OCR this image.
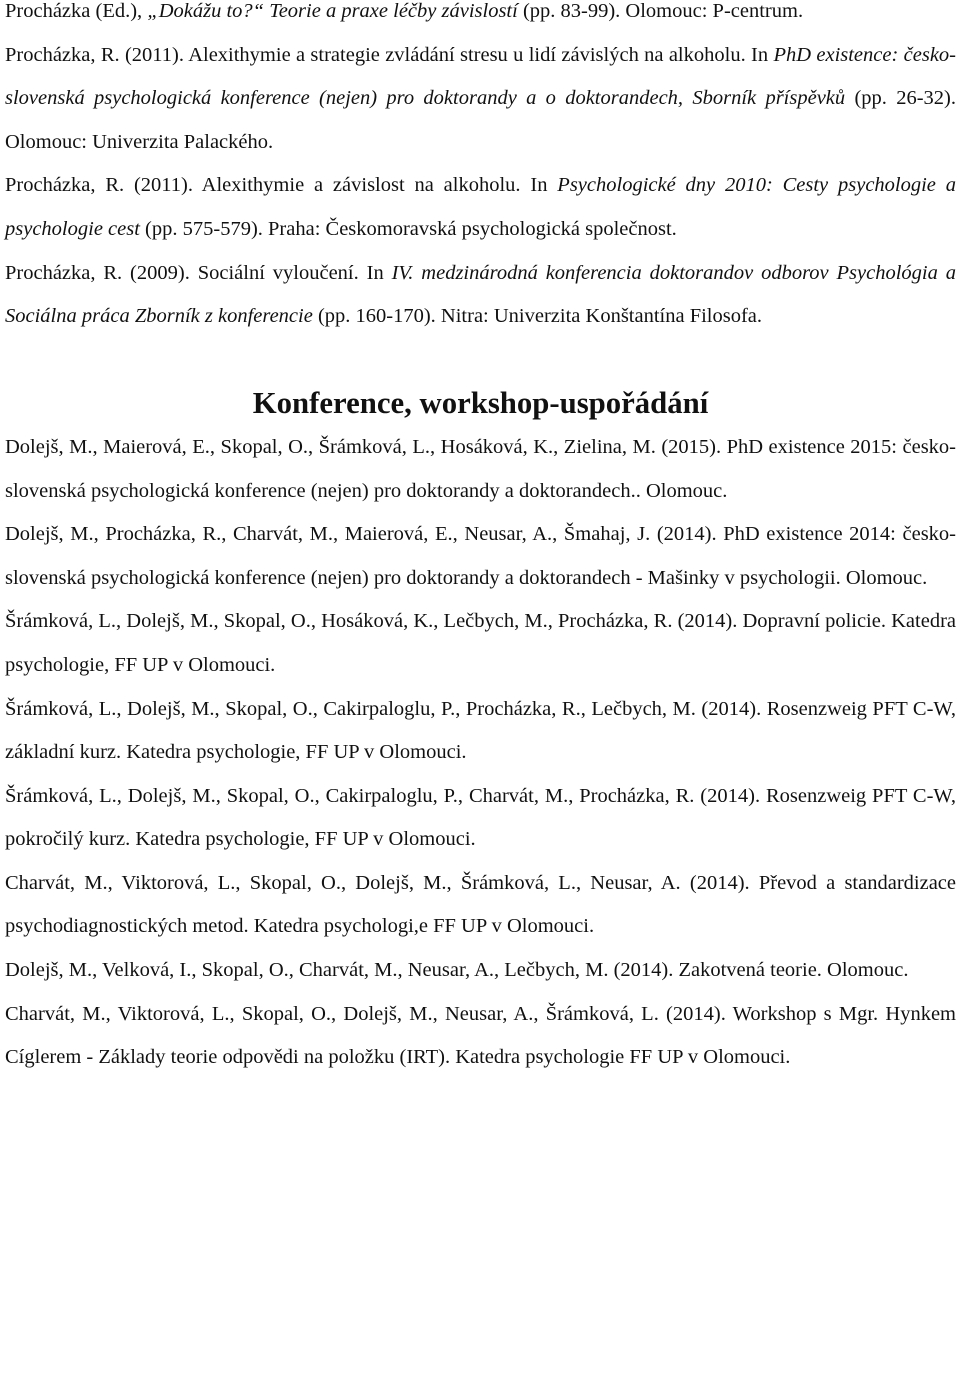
Procházka (Ed.), „Dokážu to?“ Teorie a praxe léčby závislostí (pp. 83-99). Olomouc: P-centrum.

Procházka, R. (2011). Alexithymie a strategie zvládání stresu u lidí závislých na alkoholu. In PhD existence: česko-slovenská psychologická konference (nejen) pro doktorandy a o doktorandech, Sborník příspěvků (pp. 26-32). Olomouc: Univerzita Palackého.

Procházka, R. (2011). Alexithymie a závislost na alkoholu. In Psychologické dny 2010: Cesty psychologie a psychologie cest (pp. 575-579). Praha: Českomoravská psychologická společnost.

Procházka, R. (2009). Sociální vyloučení. In IV. medzinárodná konferencia doktorandov odborov Psychológia a Sociálna práca Zborník z konferencie (pp. 160-170). Nitra: Univerzita Konštantína Filosofa.

Konference, workshop-uspořádání

Dolejš, M., Maierová, E., Skopal, O., Šrámková, L., Hosáková, K., Zielina, M. (2015). PhD existence 2015: česko-slovenská psychologická konference (nejen) pro doktorandy a doktorandech.. Olomouc.

Dolejš, M., Procházka, R., Charvát, M., Maierová, E., Neusar, A., Šmahaj, J. (2014). PhD existence 2014: česko-slovenská psychologická konference (nejen) pro doktorandy a doktorandech - Mašinky v psychologii. Olomouc.

Šrámková, L., Dolejš, M., Skopal, O., Hosáková, K., Lečbych, M., Procházka, R. (2014). Dopravní policie. Katedra psychologie, FF UP v Olomouci.

Šrámková, L., Dolejš, M., Skopal, O., Cakirpaloglu, P., Procházka, R., Lečbych, M. (2014). Rosenzweig PFT C-W, základní kurz. Katedra psychologie, FF UP v Olomouci.

Šrámková, L., Dolejš, M., Skopal, O., Cakirpaloglu, P., Charvát, M., Procházka, R. (2014). Rosenzweig PFT C-W, pokročilý kurz. Katedra psychologie, FF UP v Olomouci.

Charvát, M., Viktorová, L., Skopal, O., Dolejš, M., Šrámková, L., Neusar, A. (2014). Převod a standardizace psychodiagnostických metod. Katedra psychologi,e FF UP v Olomouci.

Dolejš, M., Velková, I., Skopal, O., Charvát, M., Neusar, A., Lečbych, M. (2014). Zakotvená teorie. Olomouc.

Charvát, M., Viktorová, L., Skopal, O., Dolejš, M., Neusar, A., Šrámková, L. (2014). Workshop s Mgr. Hynkem Cíglerem - Základy teorie odpovědi na položku (IRT). Katedra psychologie FF UP v Olomouci.
